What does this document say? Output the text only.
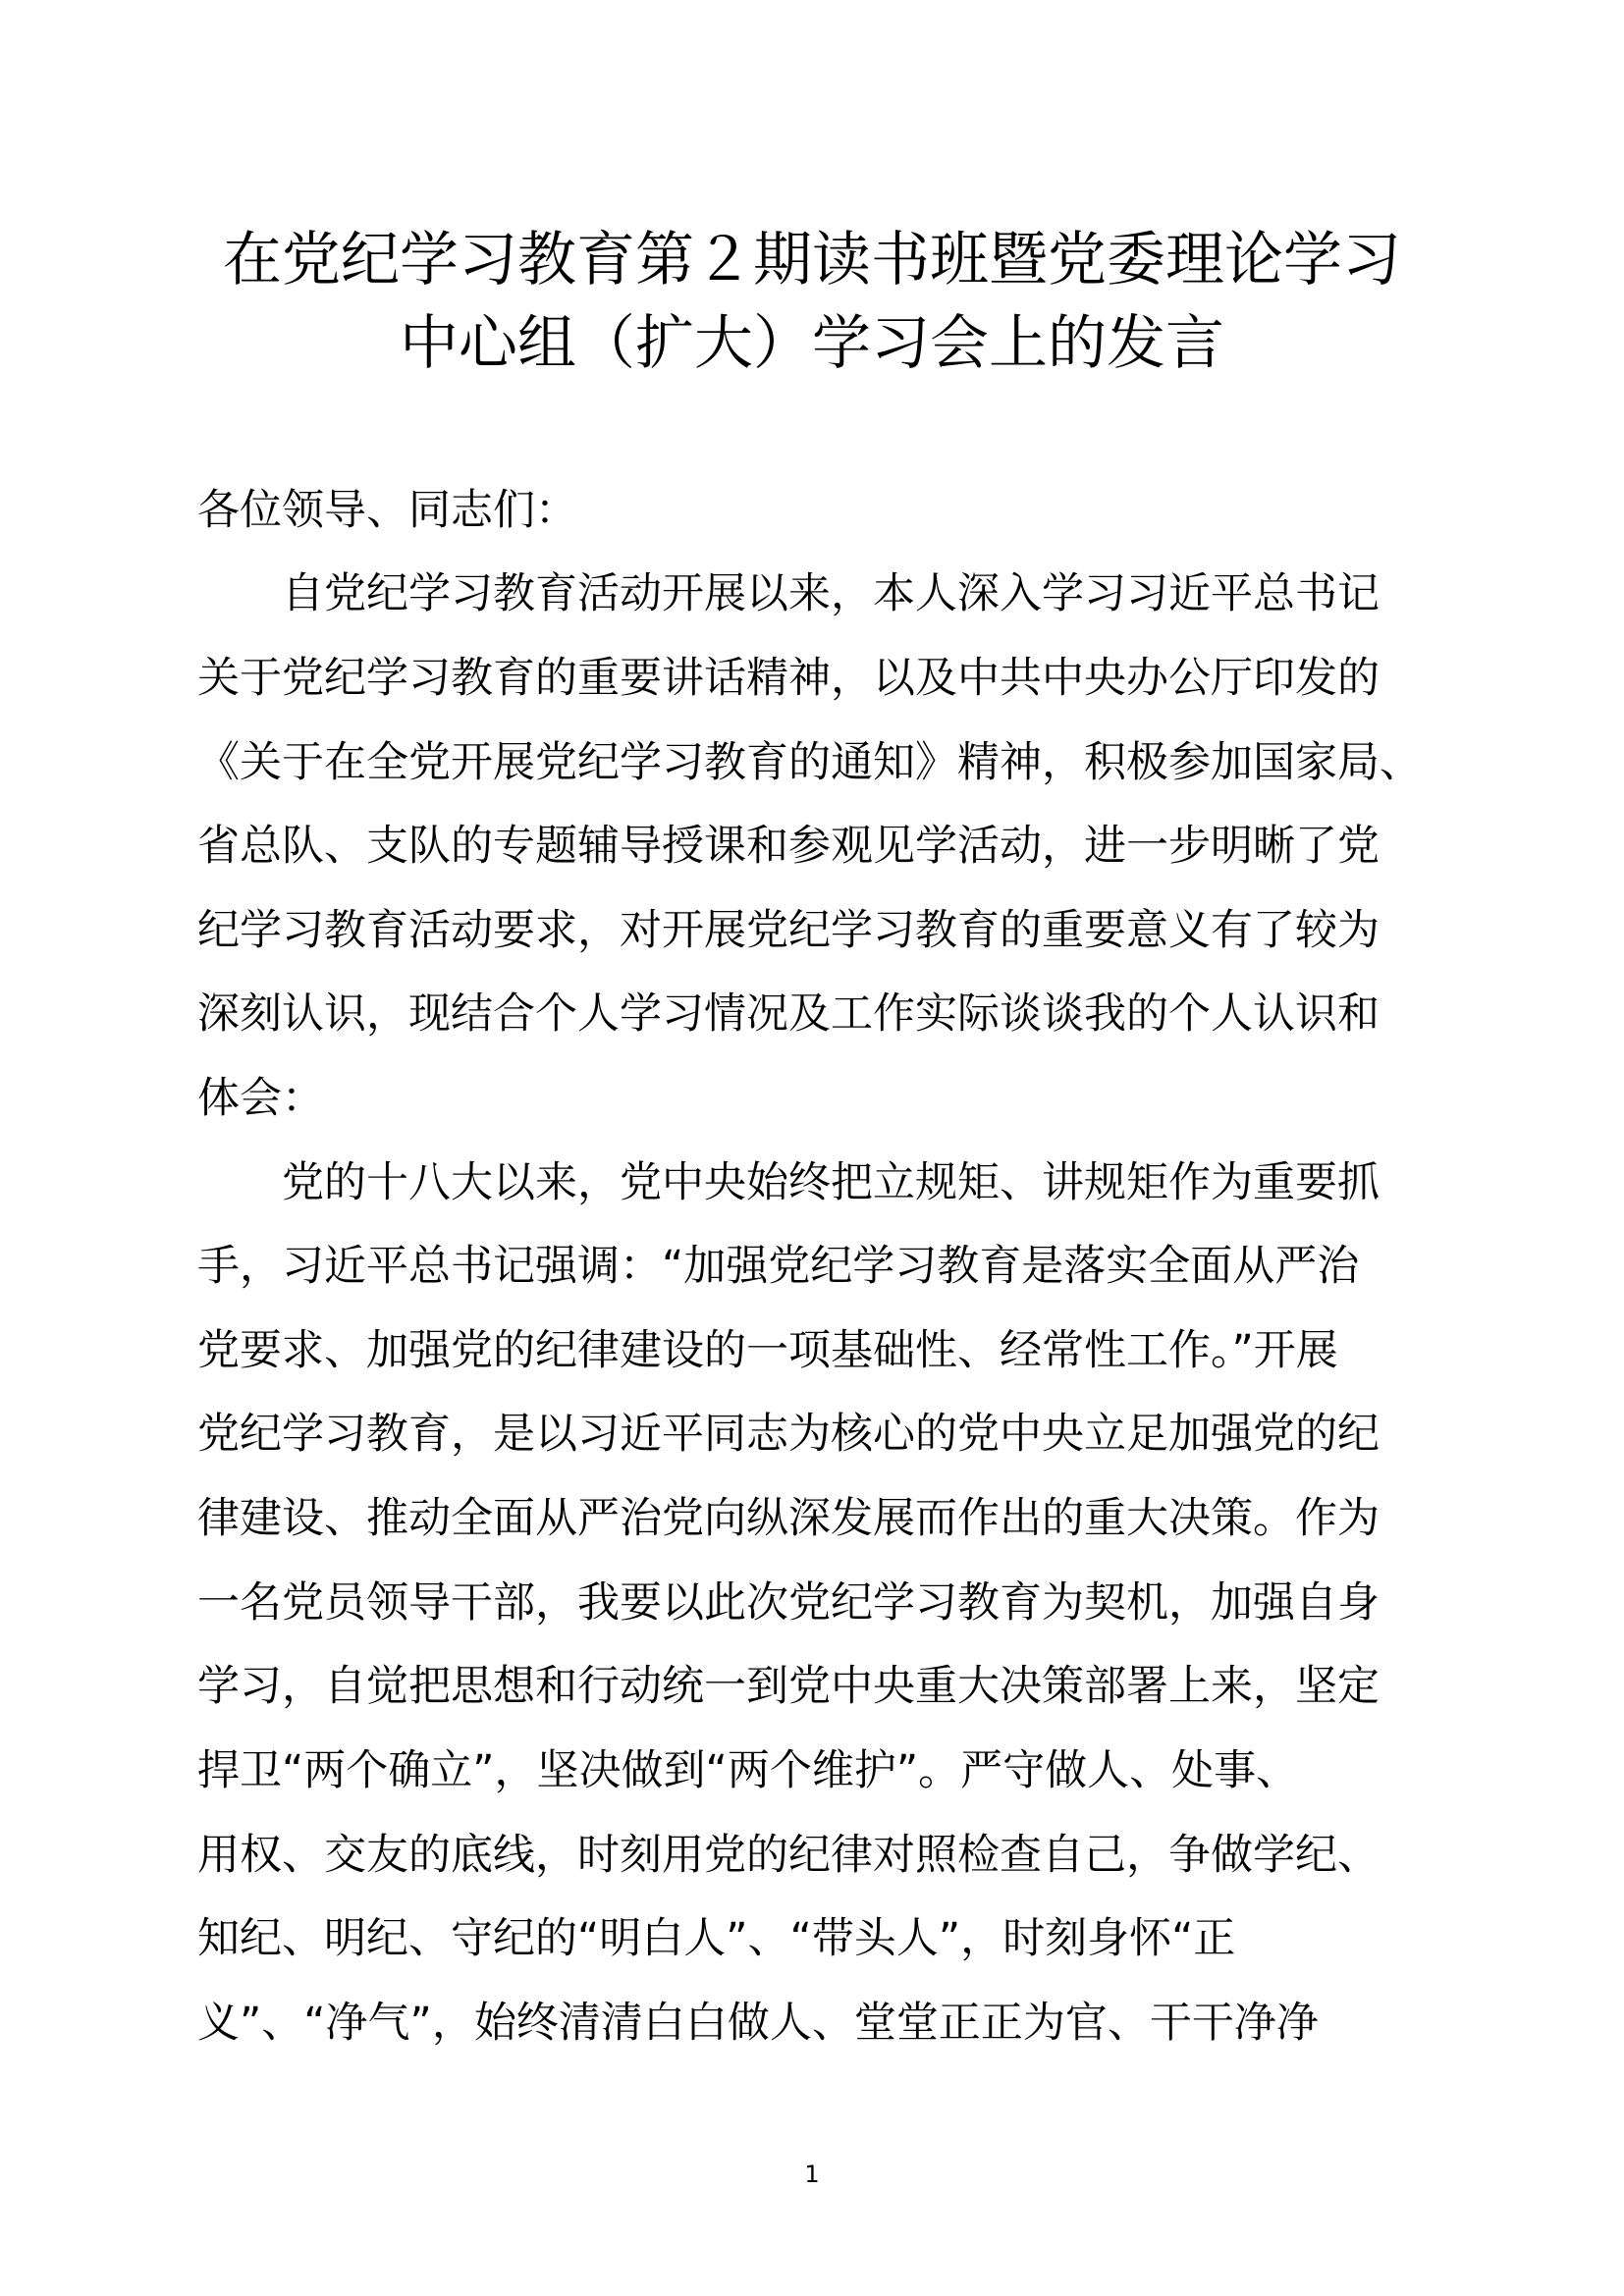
在党纪学习教育第２期读书班暨党委理论学习
中心组（扩大）学习会上的发言
各位领导、同志们：
自党纪学习教育活动开展以来，本人深入学习习近平总书记
关于党纪学习教育的重要讲话精神，以及中共中央办公厅印发的
《关于在全党开展党纪学习教育的通知》精神，积极参加国家局、
省总队、支队的专题辅导授课和参观见学活动，进一步明晰了党
纪学习教育活动要求，对开展党纪学习教育的重要意义有了较为
深刻认识，现结合个人学习情况及工作实际谈谈我的个人认识和
体会：
党的十八大以来，党中央始终把立规矩、讲规矩作为重要抓
手，习近平总书记强调：“加强党纪学习教育是落实全面从严治
党要求、加强党的纪律建设的一项基础性、经常性工作。”开展
党纪学习教育，是以习近平同志为核心的党中央立足加强党的纪
律建设、推动全面从严治党向纵深发展而作出的重大决策。作为
一名党员领导干部，我要以此次党纪学习教育为契机，加强自身
学习，自觉把思想和行动统一到党中央重大决策部署上来，坚定
捍卫“两个确立”，坚决做到“两个维护”。严守做人、处事、
用权、交友的底线，时刻用党的纪律对照检查自己，争做学纪、
知纪、明纪、守纪的“明白人”、“带头人”，时刻身怀“正
义”、“净气”，始终清清白白做人、堂堂正正为官、干干净净
1
